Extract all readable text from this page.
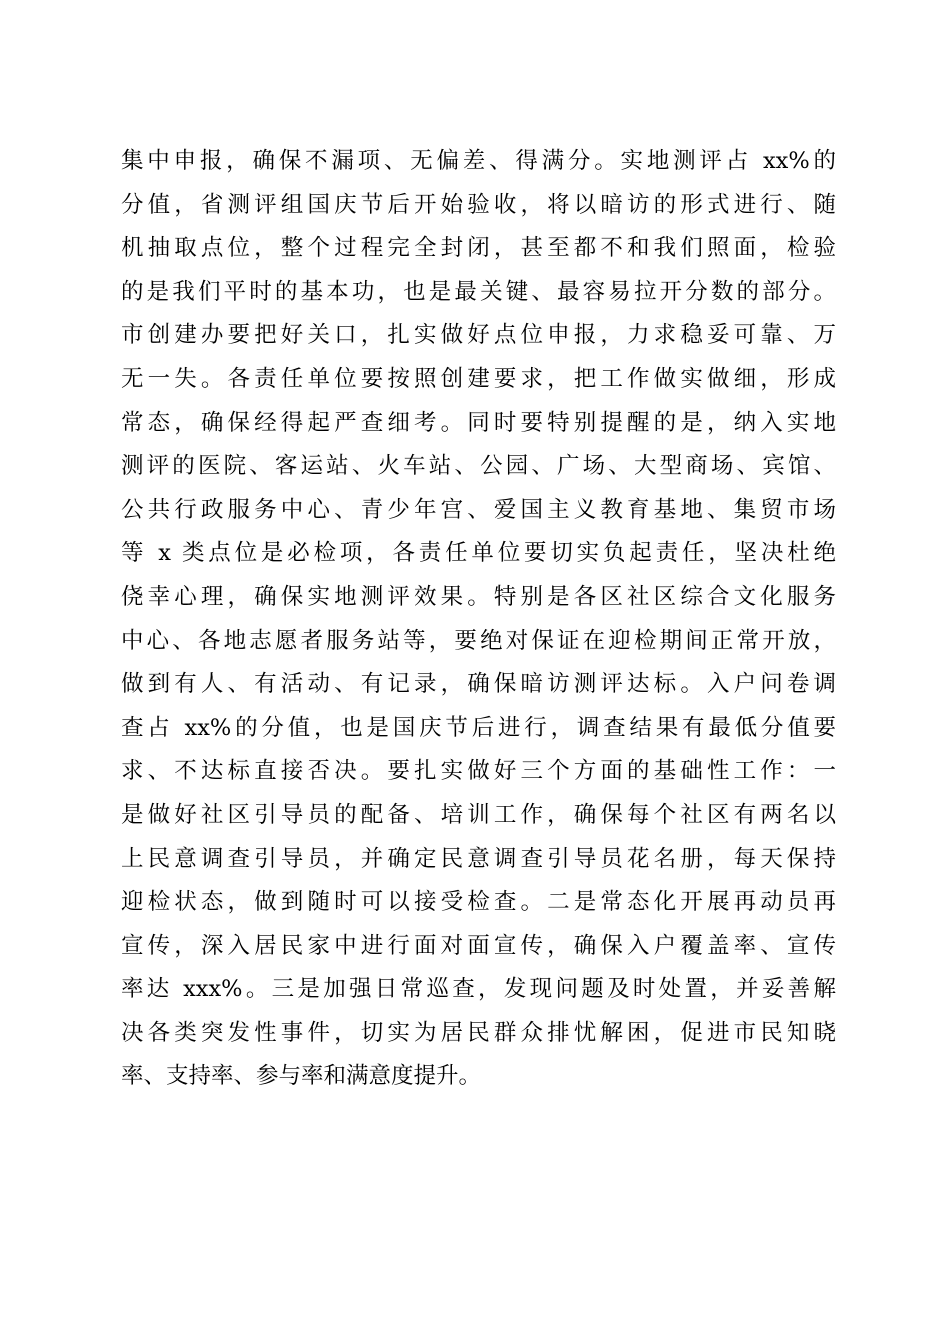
集中申报，确保不漏项、无偏差、得满分。实地测评占 xx%的
分值，省测评组国庆节后开始验收，将以暗访的形式进行、随
机抽取点位，整个过程完全封闭，甚至都不和我们照面，检验
的是我们平时的基本功，也是最关键、最容易拉开分数的部分。
市创建办要把好关口，扎实做好点位申报，力求稳妥可靠、万
无一失。各责任单位要按照创建要求，把工作做实做细，形成
常态，确保经得起严查细考。同时要特别提醒的是，纳入实地
测评的医院、客运站、火车站、公园、广场、大型商场、宾馆、
公共行政服务中心、青少年宫、爱国主义教育基地、集贸市场
等 x 类点位是必检项，各责任单位要切实负起责任，坚决杜绝
侥幸心理，确保实地测评效果。特别是各区社区综合文化服务
中心、各地志愿者服务站等，要绝对保证在迎检期间正常开放，
做到有人、有活动、有记录，确保暗访测评达标。入户问卷调
查占 xx%的分值，也是国庆节后进行，调查结果有最低分值要
求、不达标直接否决。要扎实做好三个方面的基础性工作：一
是做好社区引导员的配备、培训工作，确保每个社区有两名以
上民意调查引导员，并确定民意调查引导员花名册，每天保持
迎检状态，做到随时可以接受检查。二是常态化开展再动员再
宣传，深入居民家中进行面对面宣传，确保入户覆盖率、宣传
率达 xxx%。三是加强日常巡查，发现问题及时处置，并妥善解
决各类突发性事件，切实为居民群众排忧解困，促进市民知晓
率、支持率、参与率和满意度提升。
